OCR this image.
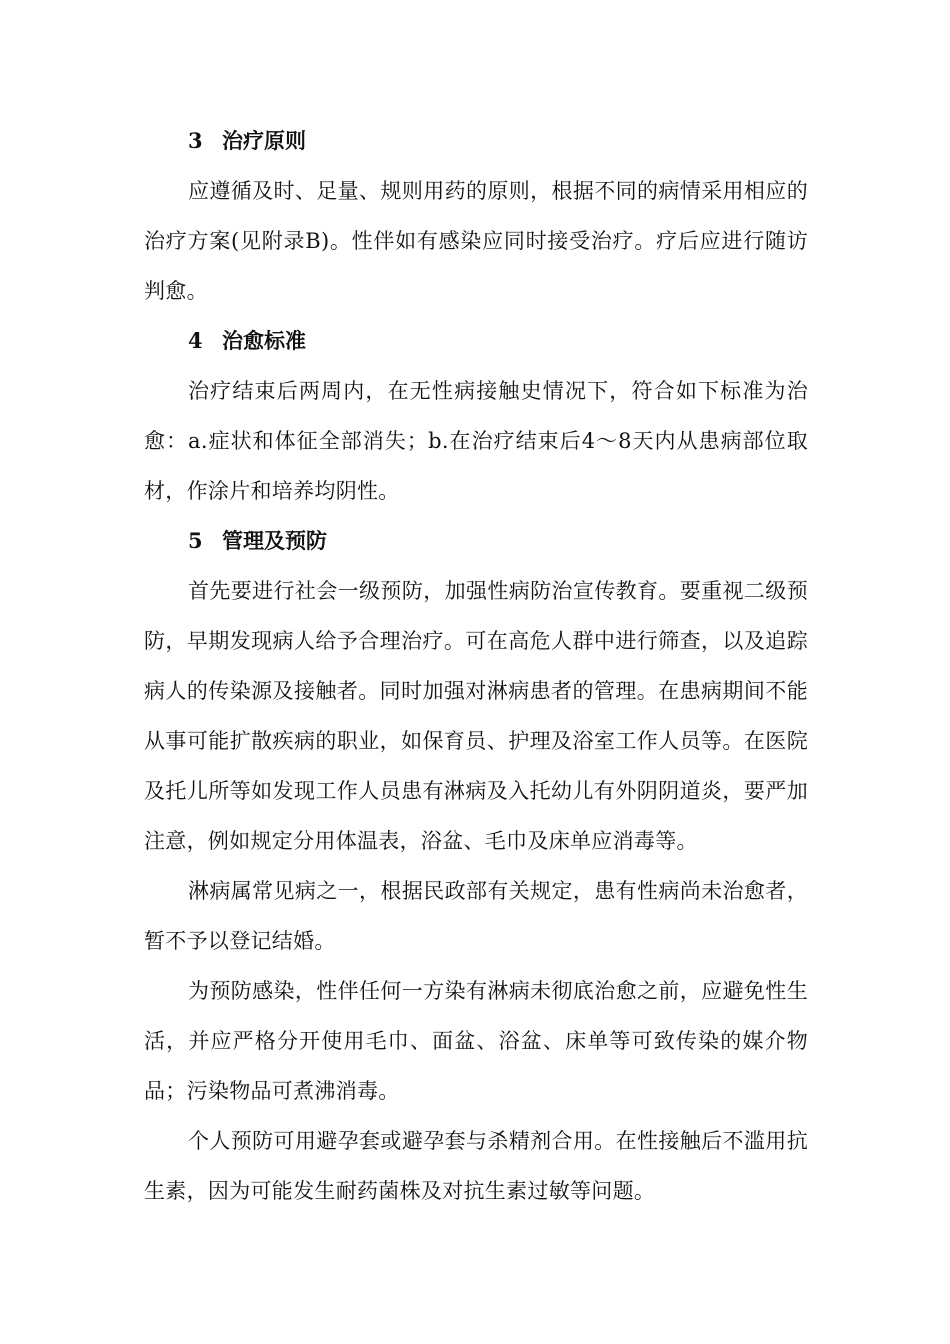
3 治疗原则

应遵循及时、足量、规则用药的原则，根据不同的病情采用相应的治疗方案(见附录B)。性伴如有感染应同时接受治疗。疗后应进行随访判愈。

4 治愈标准

治疗结束后两周内，在无性病接触史情况下，符合如下标准为治愈：a.症状和体征全部消失；b.在治疗结束后4～8天内从患病部位取材，作涂片和培养均阴性。

5 管理及预防

首先要进行社会一级预防，加强性病防治宣传教育。要重视二级预防，早期发现病人给予合理治疗。可在高危人群中进行筛查，以及追踪病人的传染源及接触者。同时加强对淋病患者的管理。在患病期间不能从事可能扩散疾病的职业，如保育员、护理及浴室工作人员等。在医院及托儿所等如发现工作人员患有淋病及入托幼儿有外阴阴道炎，要严加注意，例如规定分用体温表，浴盆、毛巾及床单应消毒等。

淋病属常见病之一，根据民政部有关规定，患有性病尚未治愈者，暂不予以登记结婚。

为预防感染，性伴任何一方染有淋病未彻底治愈之前，应避免性生活，并应严格分开使用毛巾、面盆、浴盆、床单等可致传染的媒介物品；污染物品可煮沸消毒。

个人预防可用避孕套或避孕套与杀精剂合用。在性接触后不滥用抗生素，因为可能发生耐药菌株及对抗生素过敏等问题。
